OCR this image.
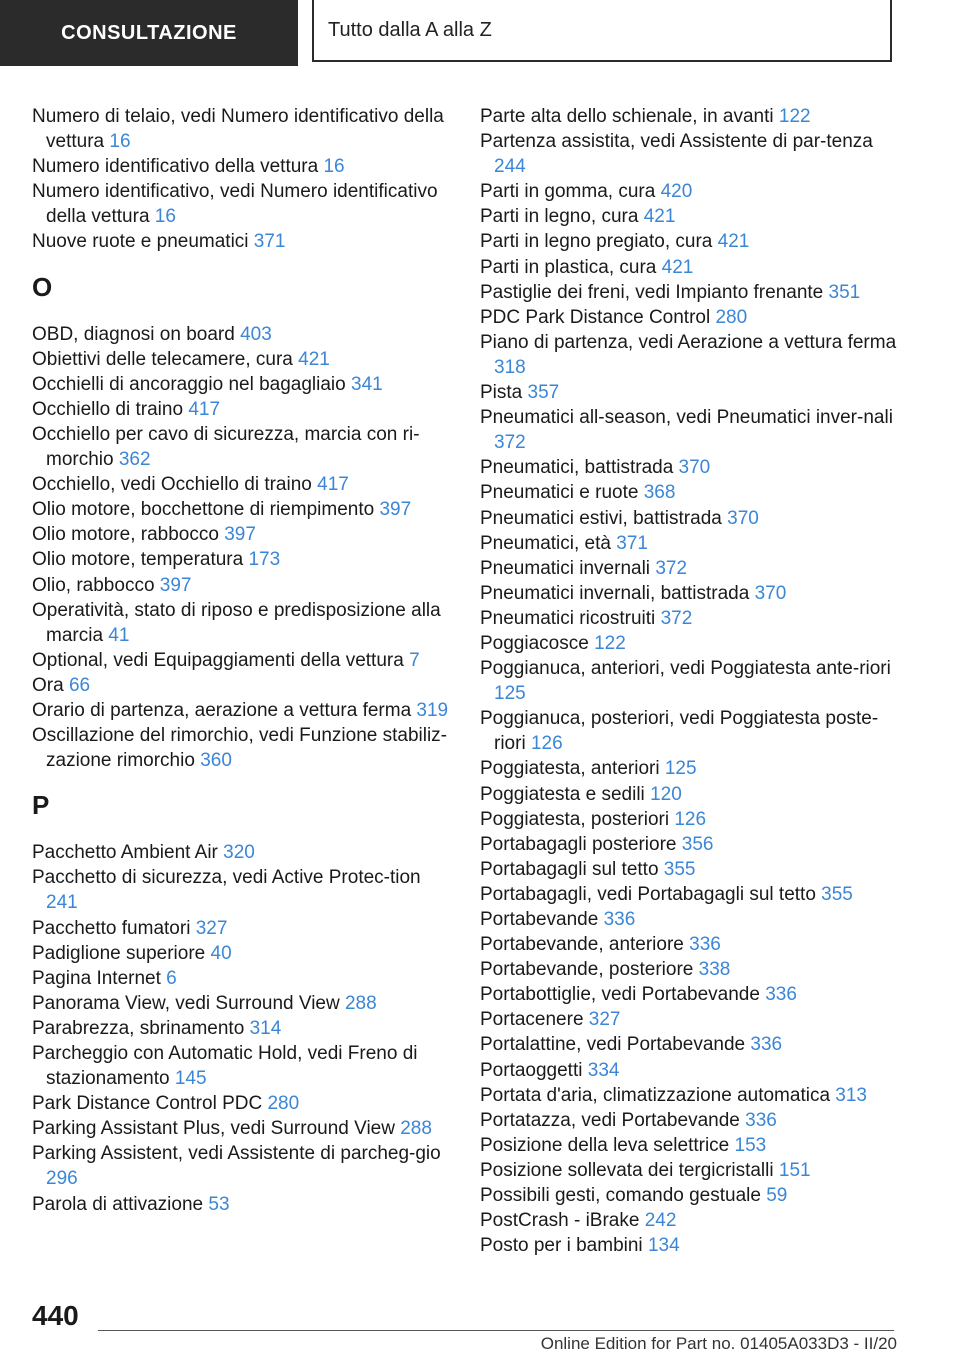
CONSULTAZIONE	Tutto dalla A alla Z
Numero di telaio, vedi Numero identificativo della vettura 16
Numero identificativo della vettura 16
Numero identificativo, vedi Numero identificativo della vettura 16
Nuove ruote e pneumatici 371
O
OBD, diagnosi on board 403
Obiettivi delle telecamere, cura 421
Occhielli di ancoraggio nel bagagliaio 341
Occhiello di traino 417
Occhiello per cavo di sicurezza, marcia con ri‐morchio 362
Occhiello, vedi Occhiello di traino 417
Olio motore, bocchettone di riempimento 397
Olio motore, rabbocco 397
Olio motore, temperatura 173
Olio, rabbocco 397
Operatività, stato di riposo e predisposizione alla marcia 41
Optional, vedi Equipaggiamenti della vettura 7
Ora 66
Orario di partenza, aerazione a vettura ferma 319
Oscillazione del rimorchio, vedi Funzione stabiliz‐zazione rimorchio 360
P
Pacchetto Ambient Air 320
Pacchetto di sicurezza, vedi Active Protec‐tion 241
Pacchetto fumatori 327
Padiglione superiore 40
Pagina Internet 6
Panorama View, vedi Surround View 288
Parabrezza, sbrinamento 314
Parcheggio con Automatic Hold, vedi Freno di stazionamento 145
Park Distance Control PDC 280
Parking Assistant Plus, vedi Surround View 288
Parking Assistent, vedi Assistente di parcheg‐gio 296
Parola di attivazione 53
Parte alta dello schienale, in avanti 122
Partenza assistita, vedi Assistente di par‐tenza 244
Parti in gomma, cura 420
Parti in legno, cura 421
Parti in legno pregiato, cura 421
Parti in plastica, cura 421
Pastiglie dei freni, vedi Impianto frenante 351
PDC Park Distance Control 280
Piano di partenza, vedi Aerazione a vettura ferma 318
Pista 357
Pneumatici all-season, vedi Pneumatici inver‐nali 372
Pneumatici, battistrada 370
Pneumatici e ruote 368
Pneumatici estivi, battistrada 370
Pneumatici, età 371
Pneumatici invernali 372
Pneumatici invernali, battistrada 370
Pneumatici ricostruiti 372
Poggiacosce 122
Poggianuca, anteriori, vedi Poggiatesta ante‐riori 125
Poggianuca, posteriori, vedi Poggiatesta poste‐riori 126
Poggiatesta, anteriori 125
Poggiatesta e sedili 120
Poggiatesta, posteriori 126
Portabagagli posteriore 356
Portabagagli sul tetto 355
Portabagagli, vedi Portabagagli sul tetto 355
Portabevande 336
Portabevande, anteriore 336
Portabevande, posteriore 338
Portabottiglie, vedi Portabevande 336
Portacenere 327
Portalattine, vedi Portabevande 336
Portaoggetti 334
Portata d'aria, climatizzazione automatica 313
Portatazza, vedi Portabevande 336
Posizione della leva selettrice 153
Posizione sollevata dei tergicristalli 151
Possibili gesti, comando gestuale 59
PostCrash - iBrake 242
Posto per i bambini 134
440
Online Edition for Part no. 01405A033D3 - II/20
